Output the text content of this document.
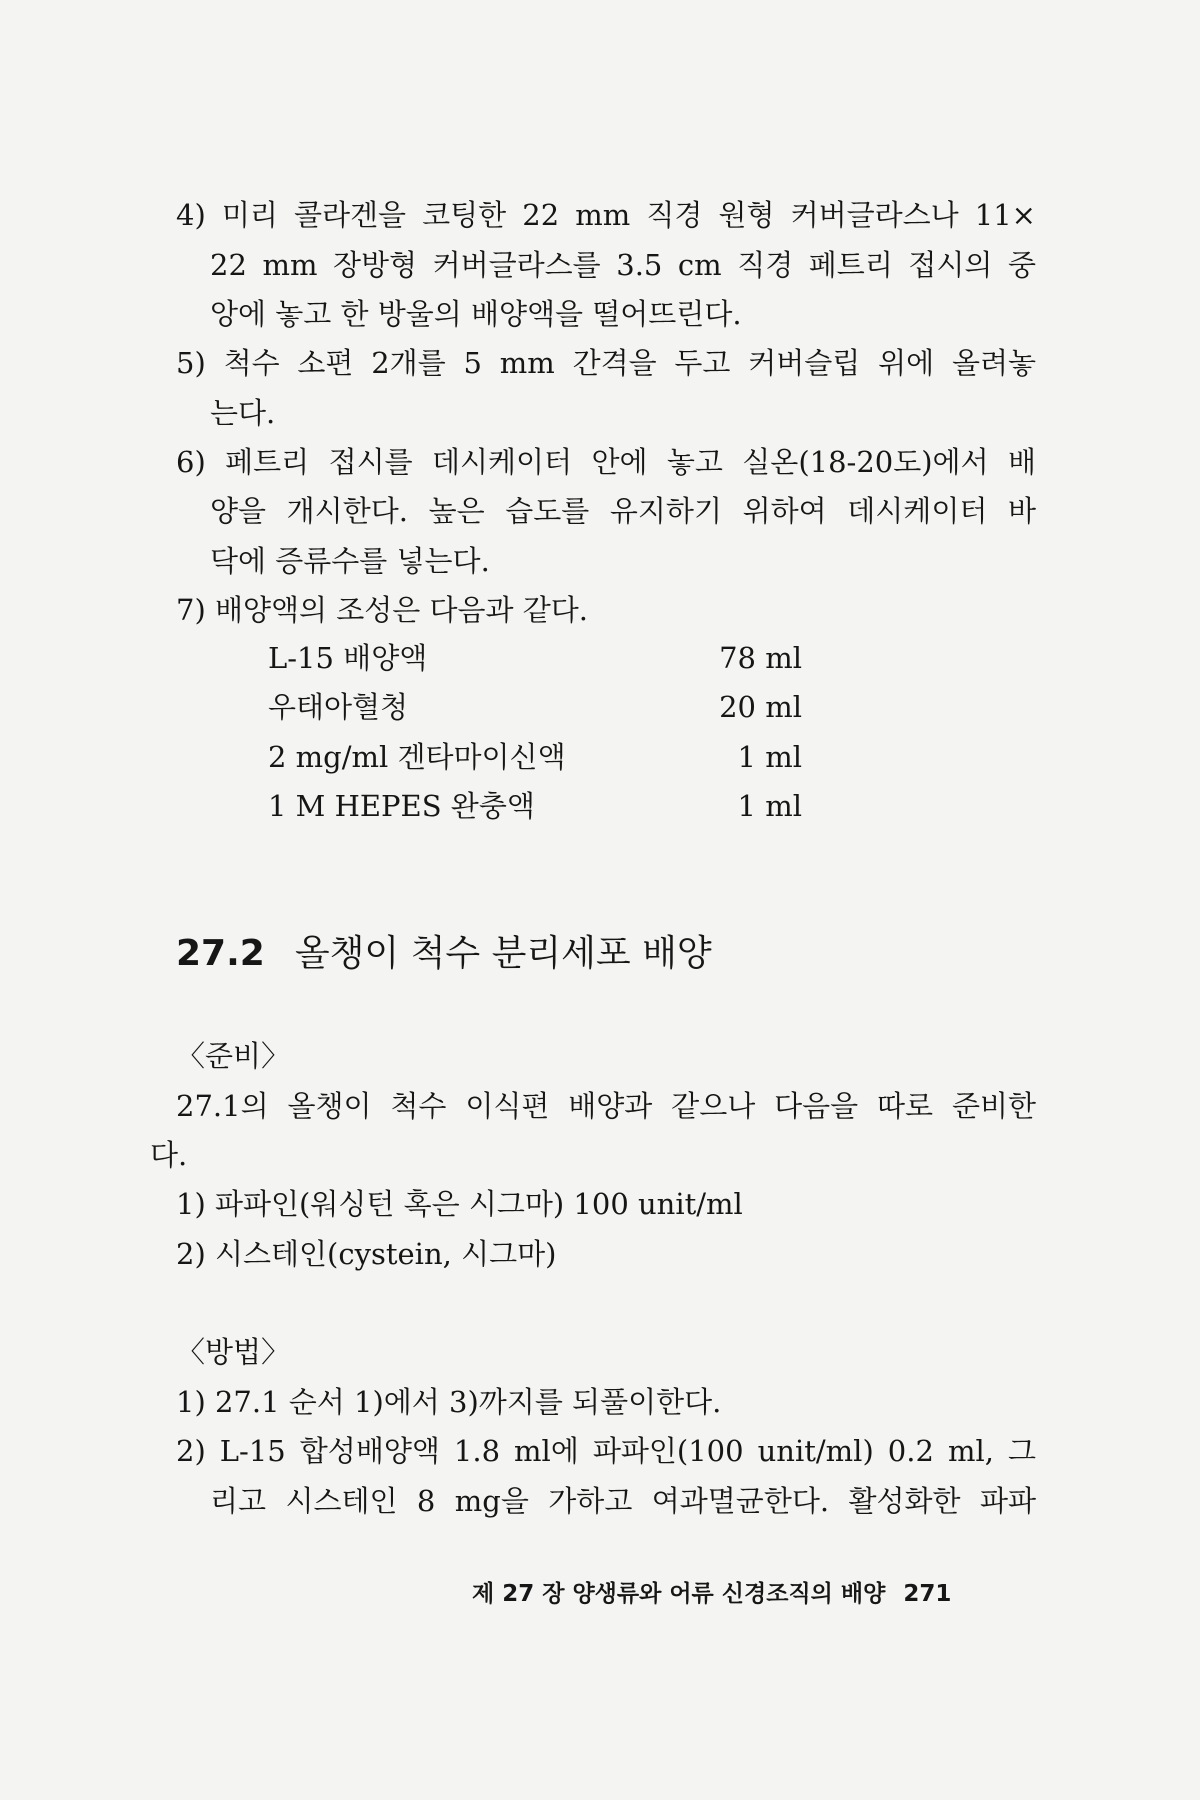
4) 미리 콜라겐을 코팅한 22 mm 직경 원형 커버글라스나 11×
22 mm 장방형 커버글라스를 3.5 cm 직경 페트리 접시의 중
앙에 놓고 한 방울의 배양액을 떨어뜨린다.
5) 척수 소편 2개를 5 mm 간격을 두고 커버슬립 위에 올려놓
는다.
6) 페트리 접시를 데시케이터 안에 놓고 실온(18-20도)에서 배
양을 개시한다. 높은 습도를 유지하기 위하여 데시케이터 바
닥에 증류수를 넣는다.
7) 배양액의 조성은 다음과 같다.
L-15 배양액	78 ml
우태아혈청	20 ml
2 mg/ml 겐타마이신액	1 ml
1 M HEPES 완충액	1 ml
27.2 올챙이 척수 분리세포 배양
〈준비〉
27.1의 올챙이 척수 이식편 배양과 같으나 다음을 따로 준비한
다.
1) 파파인(워싱턴 혹은 시그마) 100 unit/ml
2) 시스테인(cystein, 시그마)
〈방법〉
1) 27.1 순서 1)에서 3)까지를 되풀이한다.
2) L-15 합성배양액 1.8 ml에 파파인(100 unit/ml) 0.2 ml, 그
리고 시스테인 8 mg을 가하고 여과멸균한다. 활성화한 파파
제 27 장 양생류와 어류 신경조직의 배양 271
